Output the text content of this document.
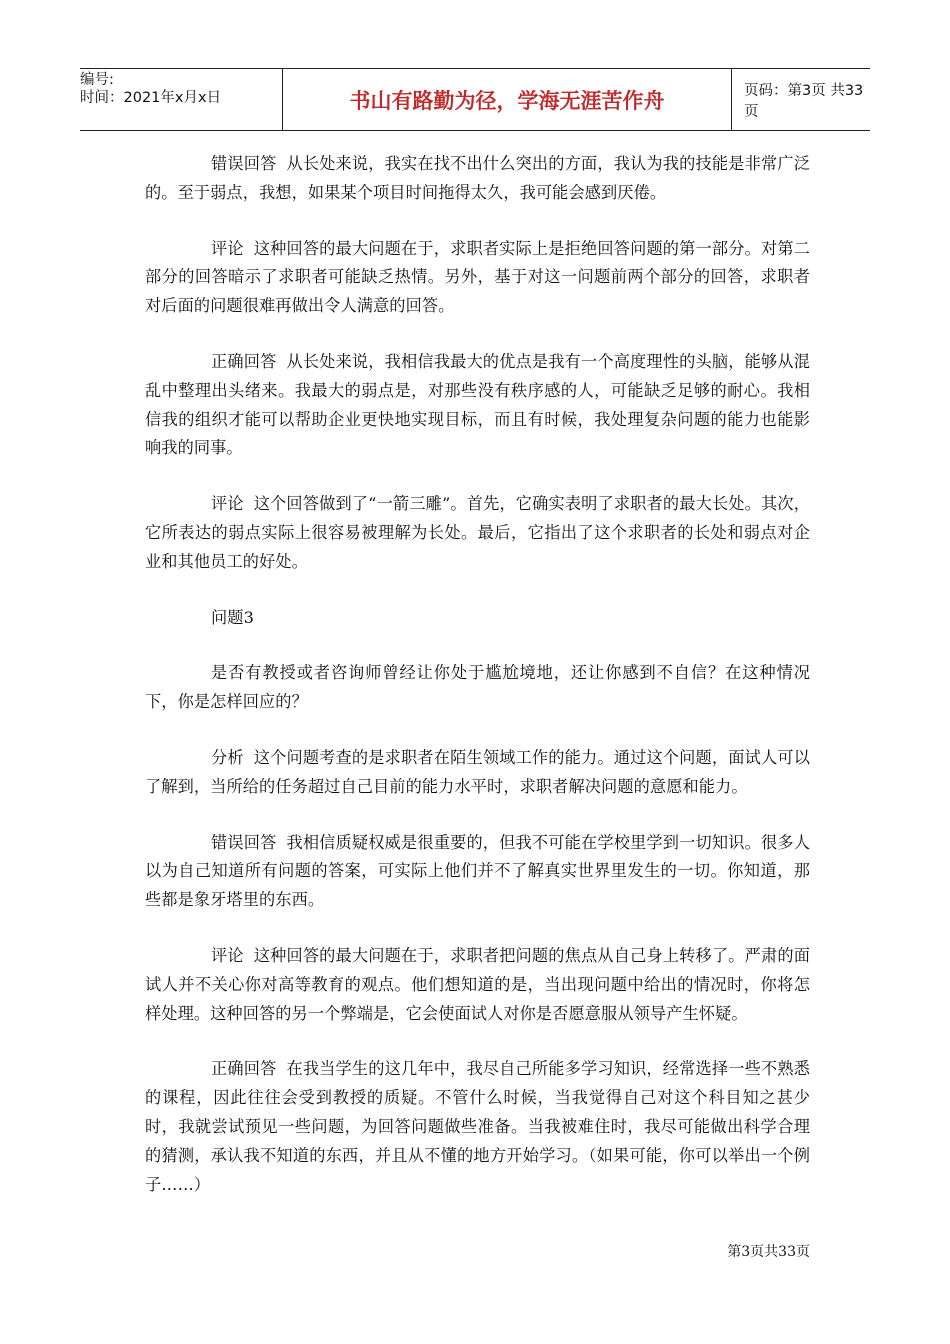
编号:
时间：2021年x月x日	书山有路勤为径，学海无涯苦作舟	页码：第3页 共33页

错误回答 从长处来说，我实在找不出什么突出的方面，我认为我的技能是非常广泛的。至于弱点，我想，如果某个项目时间拖得太久，我可能会感到厌倦。

评论 这种回答的最大问题在于，求职者实际上是拒绝回答问题的第一部分。对第二部分的回答暗示了求职者可能缺乏热情。另外，基于对这一问题前两个部分的回答，求职者对后面的问题很难再做出令人满意的回答。

正确回答 从长处来说，我相信我最大的优点是我有一个高度理性的头脑，能够从混乱中整理出头绪来。我最大的弱点是，对那些没有秩序感的人，可能缺乏足够的耐心。我相信我的组织才能可以帮助企业更快地实现目标，而且有时候，我处理复杂问题的能力也能影响我的同事。

评论 这个回答做到了“一箭三雕”。首先，它确实表明了求职者的最大长处。其次，它所表达的弱点实际上很容易被理解为长处。最后，它指出了这个求职者的长处和弱点对企业和其他员工的好处。

问题3

是否有教授或者咨询师曾经让你处于尴尬境地，还让你感到不自信？在这种情况下，你是怎样回应的？

分析 这个问题考查的是求职者在陌生领域工作的能力。通过这个问题，面试人可以了解到，当所给的任务超过自己目前的能力水平时，求职者解决问题的意愿和能力。

错误回答 我相信质疑权威是很重要的，但我不可能在学校里学到一切知识。很多人以为自己知道所有问题的答案，可实际上他们并不了解真实世界里发生的一切。你知道，那些都是象牙塔里的东西。

评论 这种回答的最大问题在于，求职者把问题的焦点从自己身上转移了。严肃的面试人并不关心你对高等教育的观点。他们想知道的是，当出现问题中给出的情况时，你将怎样处理。这种回答的另一个弊端是，它会使面试人对你是否愿意服从领导产生怀疑。

正确回答 在我当学生的这几年中，我尽自己所能多学习知识，经常选择一些不熟悉的课程，因此往往会受到教授的质疑。不管什么时候，当我觉得自己对这个科目知之甚少时，我就尝试预见一些问题，为回答问题做些准备。当我被难住时，我尽可能做出科学合理的猜测，承认我不知道的东西，并且从不懂的地方开始学习。（如果可能，你可以举出一个例子……）

第3页共33页
